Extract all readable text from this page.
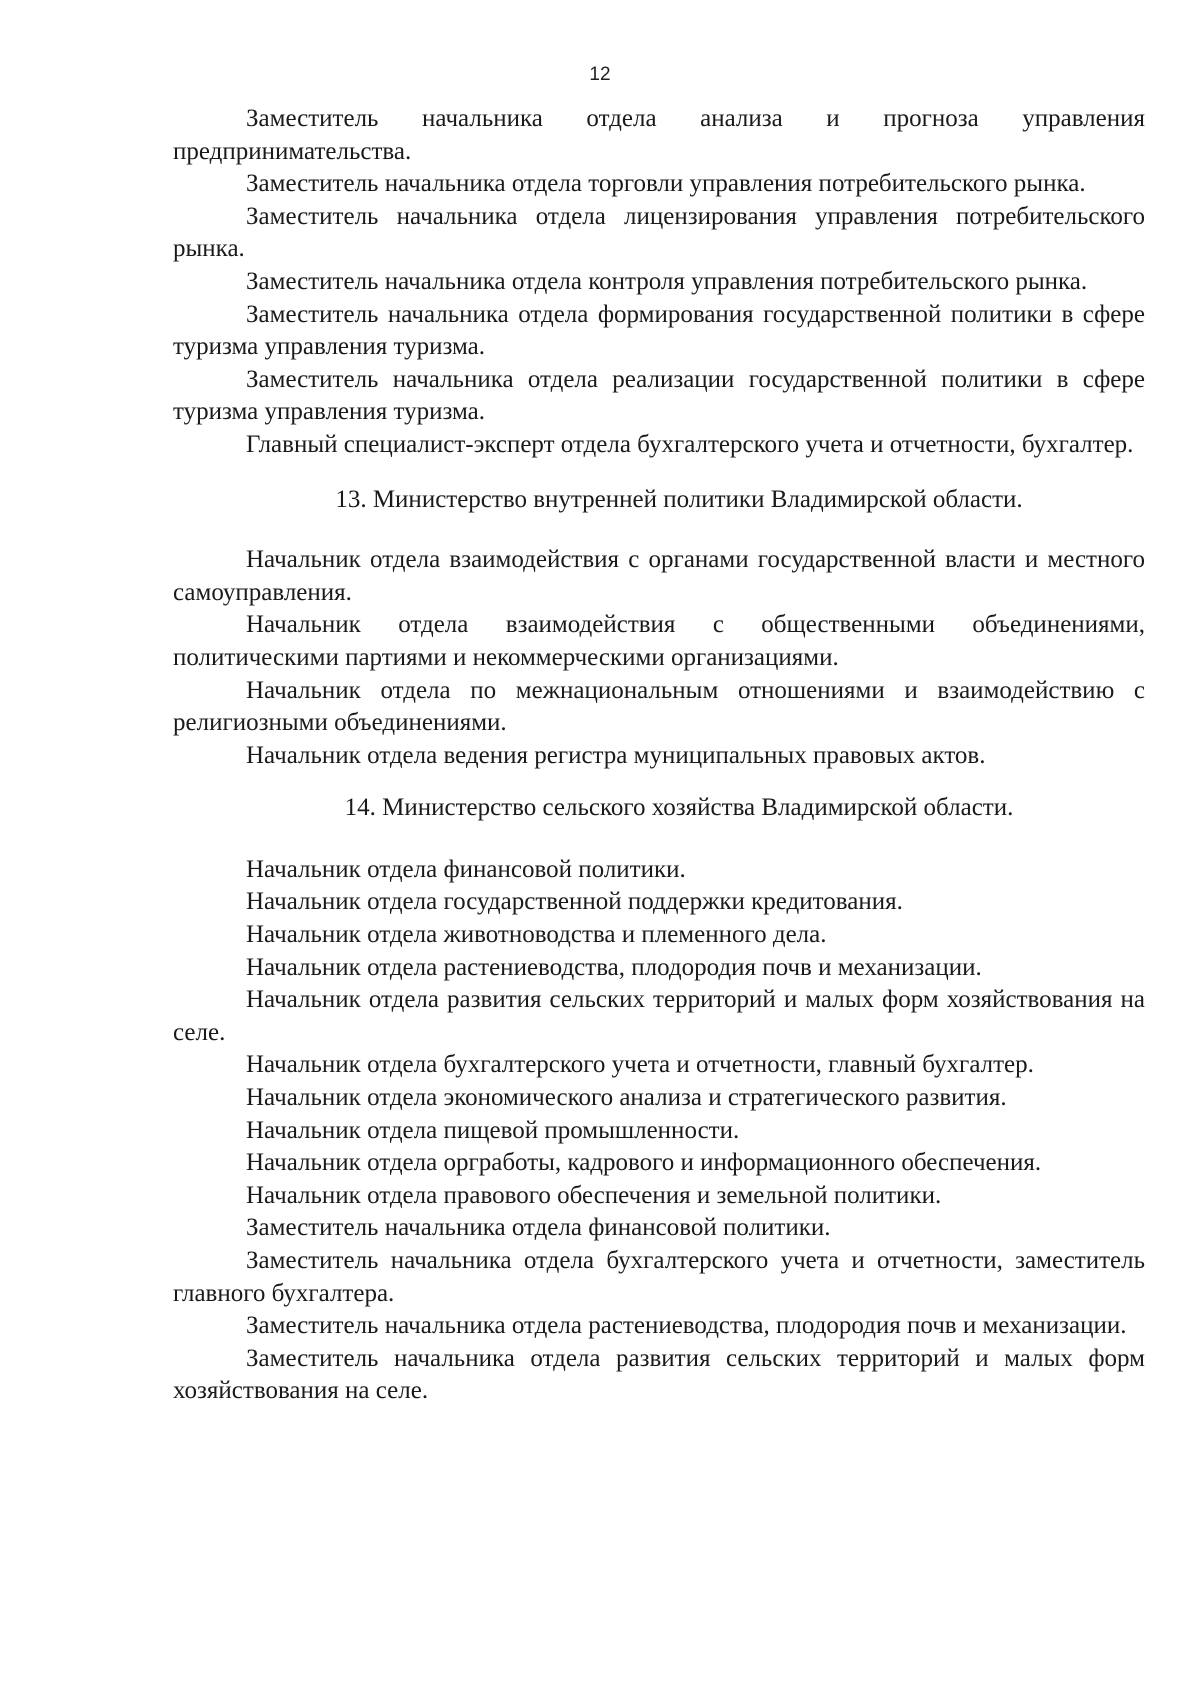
12

Заместитель начальника отдела анализа и прогноза управления предпринимательства.

Заместитель начальника отдела торговли управления потребительского рынка.

Заместитель начальника отдела лицензирования управления потребительского рынка.

Заместитель начальника отдела контроля управления потребительского рынка.

Заместитель начальника отдела формирования государственной политики в сфере туризма управления туризма.

Заместитель начальника отдела реализации государственной политики в сфере туризма управления туризма.

Главный специалист-эксперт отдела бухгалтерского учета и отчетности, бухгалтер.

13. Министерство внутренней политики Владимирской области.

Начальник отдела взаимодействия с органами государственной власти и местного самоуправления.

Начальник отдела взаимодействия с общественными объединениями, политическими партиями и некоммерческими организациями.

Начальник отдела по межнациональным отношениями и взаимодействию с религиозными объединениями.

Начальник отдела ведения регистра муниципальных правовых актов.

14. Министерство сельского хозяйства Владимирской области.

Начальник отдела финансовой политики.

Начальник отдела государственной поддержки кредитования.

Начальник отдела животноводства и племенного дела.

Начальник отдела растениеводства, плодородия почв и механизации.

Начальник отдела развития сельских территорий и малых форм хозяйствования на селе.

Начальник отдела бухгалтерского учета и отчетности, главный бухгалтер.

Начальник отдела экономического анализа и стратегического развития.

Начальник отдела пищевой промышленности.

Начальник отдела оргработы, кадрового и информационного обеспечения.

Начальник отдела правового обеспечения и земельной политики.

Заместитель начальника отдела финансовой политики.

Заместитель начальника отдела бухгалтерского учета и отчетности, заместитель главного бухгалтера.

Заместитель начальника отдела растениеводства, плодородия почв и механизации.

Заместитель начальника отдела развития сельских территорий и малых форм хозяйствования на селе.
